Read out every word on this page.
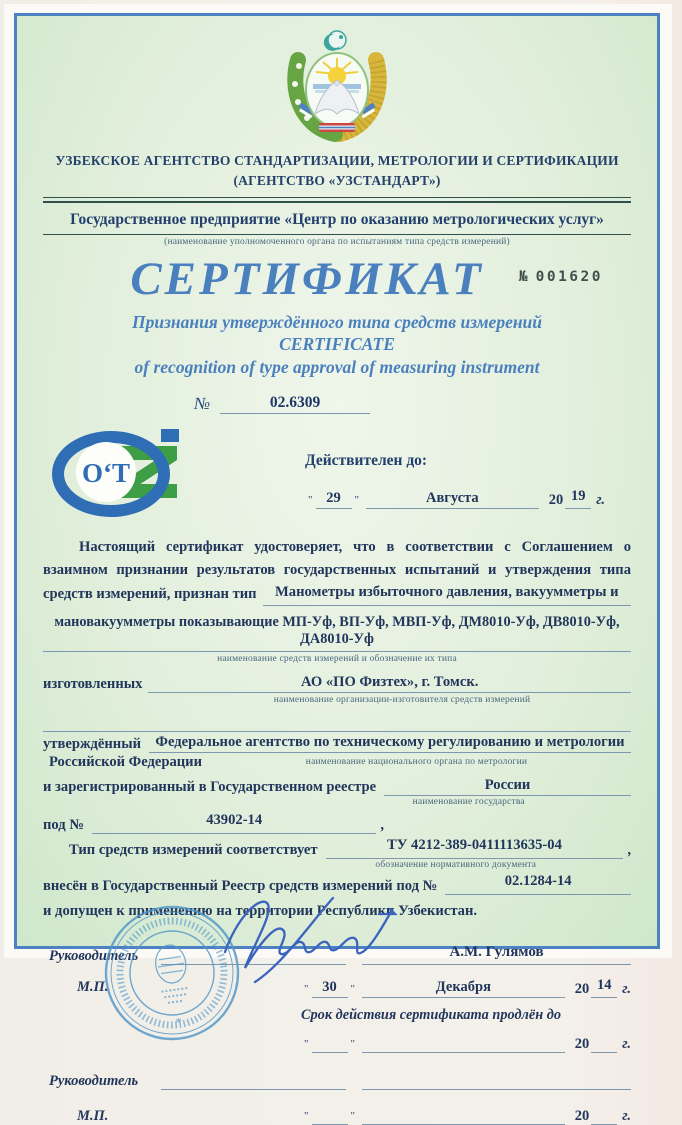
УЗБЕКСКОЕ АГЕНТСТВО СТАНДАРТИЗАЦИИ, МЕТРОЛОГИИ И СЕРТИФИКАЦИИ
(АГЕНТСТВО «УЗСТАНДАРТ»)
Государственное предприятие «Центр по оказанию метрологических услуг»
(наименование уполномоченного органа по испытаниям типа средств измерений)
СЕРТИФИКАТ № 001620
Признания утверждённого типа средств измерений
CERTIFICATE
of recognition of type approval of measuring instrument
№	02.6309
O‘T	Действителен до:
" 29	"	Августа	20 19 г.
Настоящий сертификат удостоверяет, что в соответствии с Соглашением о
взаимном признании результатов государственных испытаний и утверждения типа
средств измерений, признан тип	Манометры избыточного давления, вакуумметры и
мановакуумметры показывающие МП-Уф, ВП-Уф, МВП-Уф, ДМ8010-Уф, ДВ8010-Уф, ДА8010-Уф
наименование средств измерений и обозначение их типа
изготовленных	АО «ПО Физтех», г. Томск.
наименование организации-изготовителя средств измерений
утверждённый Федеральное агентство по техническому регулированию и метрологии
Российской Федерации	наименование национального органа по метрологии
и зарегистрированный в Государственном реестре	России
наименование государства
под №	43902-14	,
Тип средств измерений соответствует	ТУ 4212-389-0411113635-04	,
обозначение нормативного документа
внесён в Государственный Реестр средств измерений под №	02.1284-14
и допущен к применению на территории Республики Узбекистан.
*
Руководитель	А.М. Гулямов
М.П.	" 30	"	Декабря	20 14 г.
Срок действия сертификата продлён до
"	"	20 г.
Руководитель
М.П.	"	"	20 г.
